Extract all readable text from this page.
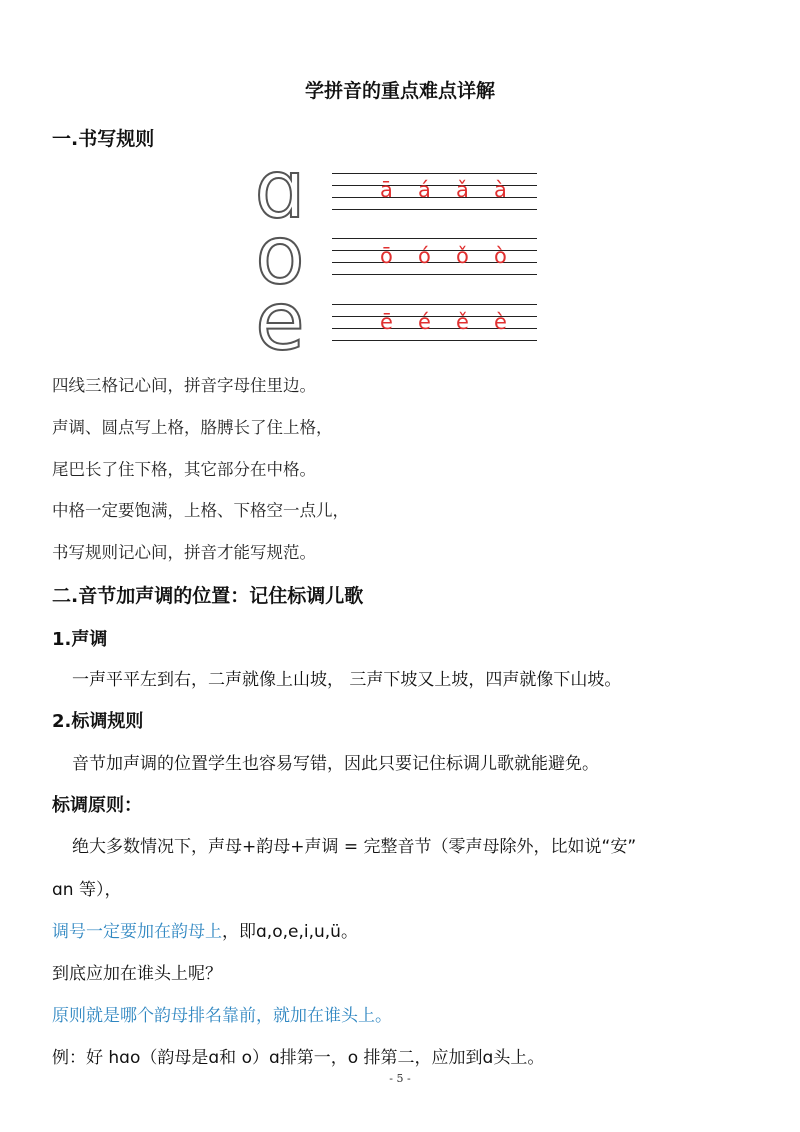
学拼音的重点难点详解
一.书写规则
ɑ	ā	á	ǎ	à
o	ō	ó	ǒ	ò
e	ē	é	ě	è
四线三格记心间，拼音字母住里边。
声调、圆点写上格，胳膊长了住上格，
尾巴长了住下格，其它部分在中格。
中格一定要饱满，上格、下格空一点儿，
书写规则记心间，拼音才能写规范。
二.音节加声调的位置：记住标调儿歌
1.声调
一声平平左到右，二声就像上山坡， 三声下坡又上坡，四声就像下山坡。
2.标调规则
音节加声调的位置学生也容易写错，因此只要记住标调儿歌就能避免。
标调原则：
绝大多数情况下，声母+韵母+声调 = 完整音节（零声母除外，比如说“安”
ɑn 等），
调号一定要加在韵母上，即ɑ,o,e,i,u,ü。
到底应加在谁头上呢？
原则就是哪个韵母排名靠前，就加在谁头上。
例：好 hɑo（韵母是ɑ和 o）ɑ排第一，o 排第二，应加到ɑ头上。
- 5 -
